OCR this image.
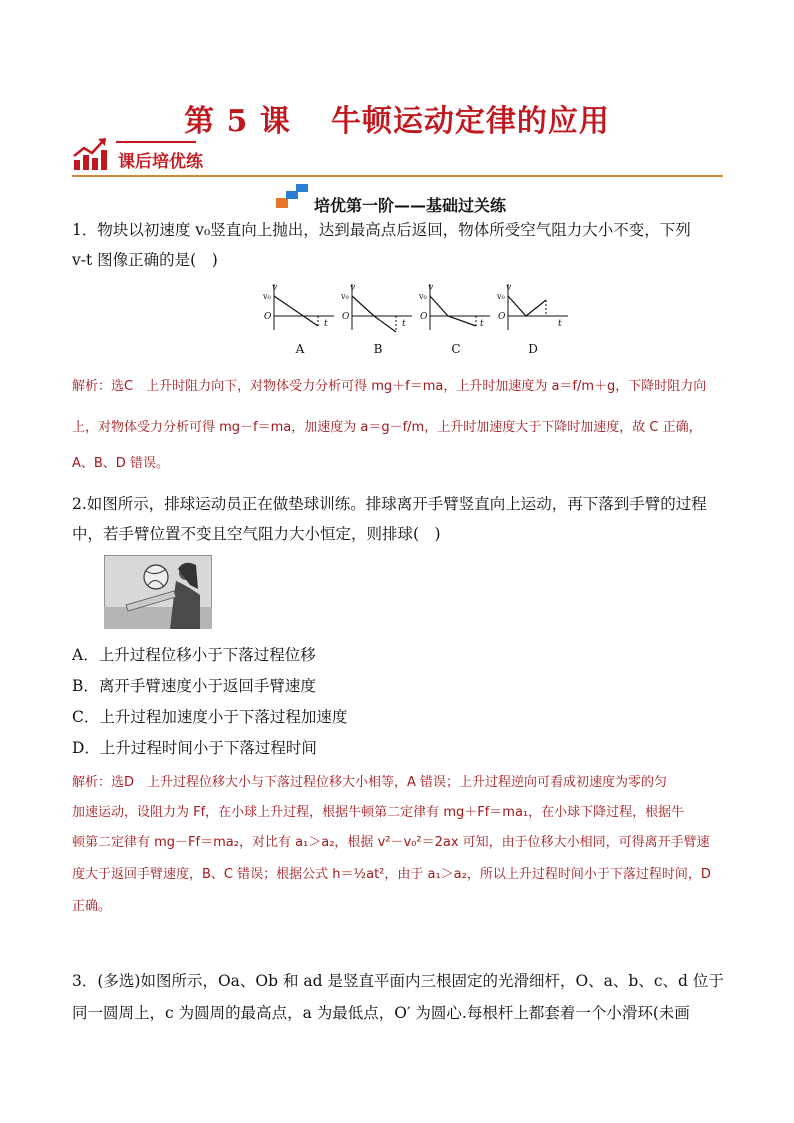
第 5 课 牛顿运动定律的应用
课后培优练
培优第一阶——基础过关练
1．物块以初速度 v₀竖直向上抛出，达到最高点后返回，物体所受空气阻力大小不变，下列
v-t 图像正确的是(　)
v
v₀
O
t
v
v₀
O
t
v
v₀
O
t
v
v₀
O
t
A	B	C	D
解析：选C　上升时阻力向下，对物体受力分析可得 mg＋f＝ma，上升时加速度为 a＝f/m＋g，下降时阻力向
上，对物体受力分析可得 mg－f＝ma，加速度为 a＝g－f/m，上升时加速度大于下降时加速度，故 C 正确，
A、B、D 错误。
2.如图所示，排球运动员正在做垫球训练。排球离开手臂竖直向上运动，再下落到手臂的过程
中，若手臂位置不变且空气阻力大小恒定，则排球(　)
A．上升过程位移小于下落过程位移
B．离开手臂速度小于返回手臂速度
C．上升过程加速度小于下落过程加速度
D．上升过程时间小于下落过程时间
解析：选D　上升过程位移大小与下落过程位移大小相等，A 错误；上升过程逆向可看成初速度为零的匀
加速运动，设阻力为 Ff，在小球上升过程，根据牛顿第二定律有 mg＋Ff＝ma₁，在小球下降过程，根据牛
顿第二定律有 mg－Ff＝ma₂，对比有 a₁＞a₂，根据 v²－v₀²＝2ax 可知，由于位移大小相同，可得离开手臂速
度大于返回手臂速度，B、C 错误；根据公式 h＝½at²，由于 a₁＞a₂，所以上升过程时间小于下落过程时间，D
正确。
3．(多选)如图所示，Oa、Ob 和 ad 是竖直平面内三根固定的光滑细杆，O、a、b、c、d 位于
同一圆周上，c 为圆周的最高点，a 为最低点，O′ 为圆心.每根杆上都套着一个小滑环(未画
